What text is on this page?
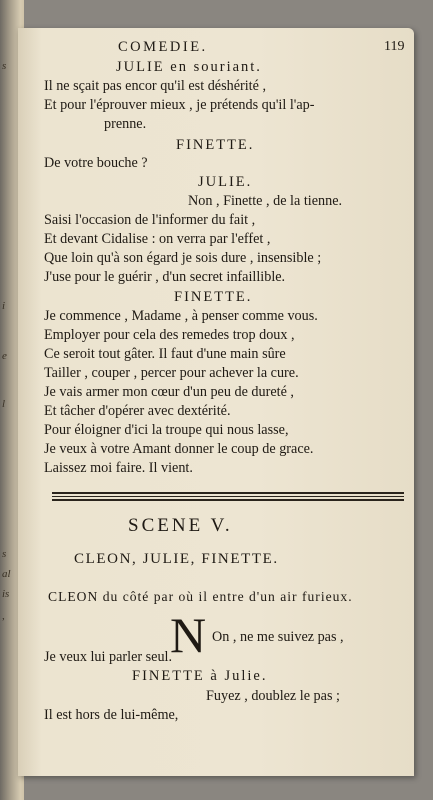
s
i
e
l
s
al
is
,
COMEDIE.	119
JULIE en souriant.
Il ne sçait pas encor qu'il est déshérité ,
Et pour l'éprouver mieux , je prétends qu'il l'ap-
prenne.
FINETTE.
De votre bouche ?
JULIE.
Non , Finette , de la tienne.
Saisi l'occasion de l'informer du fait ,
Et devant Cidalise : on verra par l'effet ,
Que loin qu'à son égard je sois dure , insensible ;
J'use pour le guérir , d'un secret infaillible.
FINETTE.
Je commence , Madame , à penser comme vous.
Employer pour cela des remedes trop doux ,
Ce seroit tout gâter. Il faut d'une main sûre
Tailler , couper , percer pour achever la cure.
Je vais armer mon cœur d'un peu de dureté ,
Et tâcher d'opérer avec dextérité.
Pour éloigner d'ici la troupe qui nous lasse,
Je veux à votre Amant donner le coup de grace.
Laissez moi faire. Il vient.
SCENE V.
CLEON, JULIE, FINETTE.
CLEON du côté par où il entre d'un air furieux.
N On , ne me suivez pas ,
Je veux lui parler seul.
FINETTE à Julie.
Fuyez , doublez le pas ;
Il est hors de lui-même,
